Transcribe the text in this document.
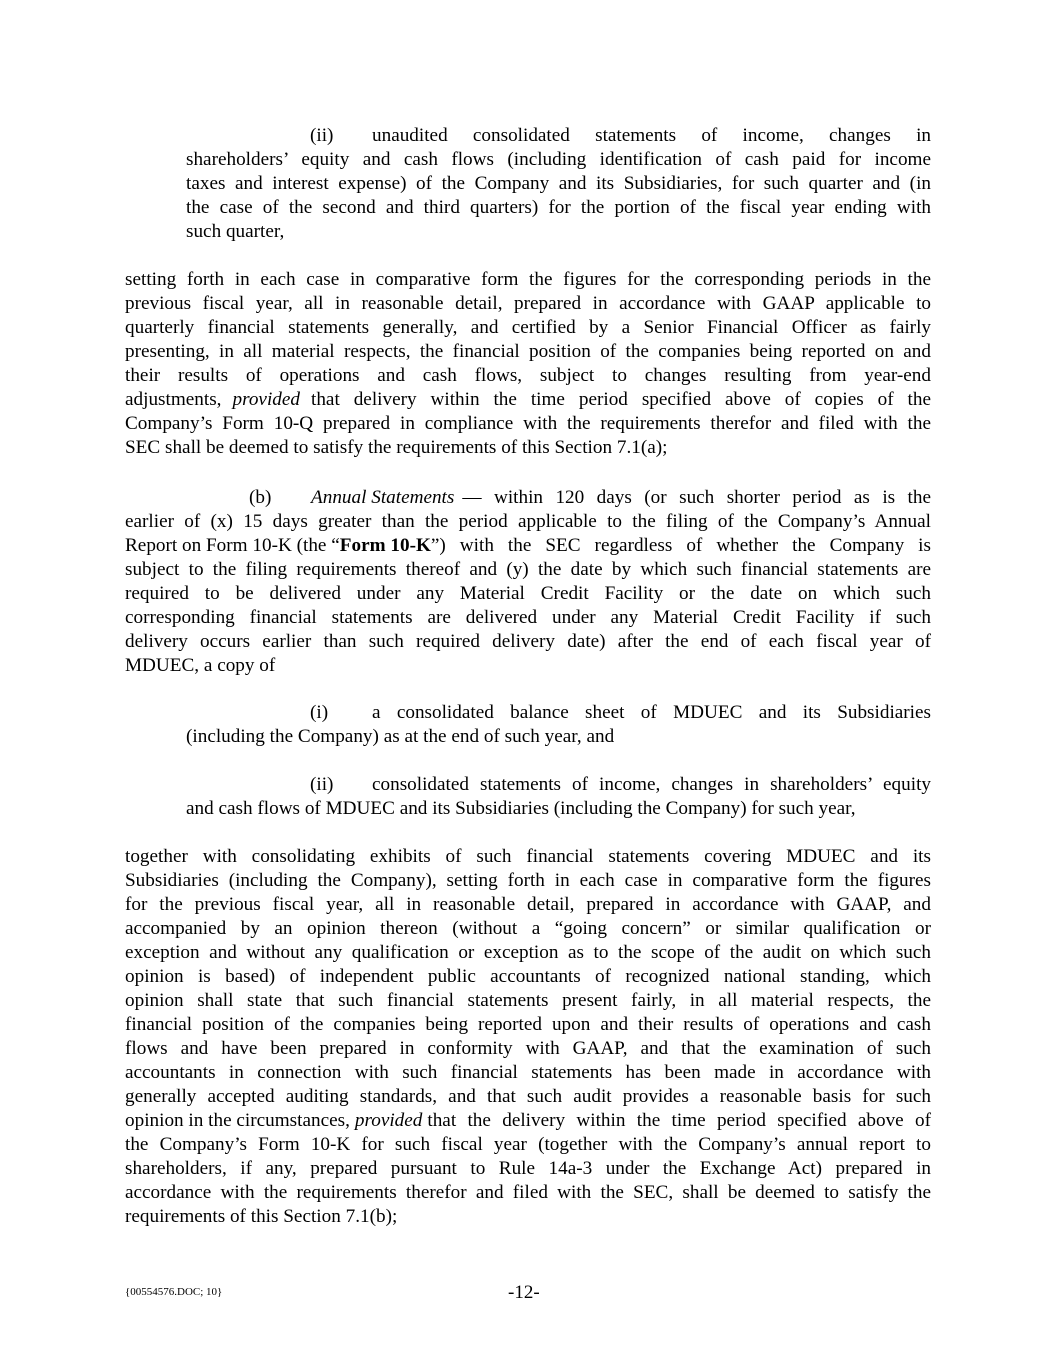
(ii)	unaudited consolidated statements of income, changes in
shareholders’ equity and cash flows (including identification of cash paid for income
taxes and interest expense) of the Company and its Subsidiaries, for such quarter and (in
the case of the second and third quarters) for the portion of the fiscal year ending with
such quarter,
setting forth in each case in comparative form the figures for the corresponding periods in the
previous fiscal year, all in reasonable detail, prepared in accordance with GAAP applicable to
quarterly financial statements generally, and certified by a Senior Financial Officer as fairly
presenting, in all material respects, the financial position of the companies being reported on and
their results of operations and cash flows, subject to changes resulting from year-end
adjustments, provided that delivery within the time period specified above of copies of the
Company’s Form 10-Q prepared in compliance with the requirements therefor and filed with the
SEC shall be deemed to satisfy the requirements of this Section 7.1(a);
(b)	Annual Statements — within 120 days (or such shorter period as is the
earlier of (x) 15 days greater than the period applicable to the filing of the Company’s Annual
Report on Form 10-K (the “ Form 10-K ”) with the SEC regardless of whether the Company is
subject to the filing requirements thereof and (y) the date by which such financial statements are
required to be delivered under any Material Credit Facility or the date on which such
corresponding financial statements are delivered under any Material Credit Facility if such
delivery occurs earlier than such required delivery date) after the end of each fiscal year of
MDUEC, a copy of
(i)	a consolidated balance sheet of MDUEC and its Subsidiaries
(including the Company) as at the end of such year, and
(ii)	consolidated statements of income, changes in shareholders’ equity
and cash flows of MDUEC and its Subsidiaries (including the Company) for such year,
together with consolidating exhibits of such financial statements covering MDUEC and its
Subsidiaries (including the Company), setting forth in each case in comparative form the figures
for the previous fiscal year, all in reasonable detail, prepared in accordance with GAAP, and
accompanied by an opinion thereon (without a “going concern” or similar qualification or
exception and without any qualification or exception as to the scope of the audit on which such
opinion is based) of independent public accountants of recognized national standing, which
opinion shall state that such financial statements present fairly, in all material respects, the
financial position of the companies being reported upon and their results of operations and cash
flows and have been prepared in conformity with GAAP, and that the examination of such
accountants in connection with such financial statements has been made in accordance with
generally accepted auditing standards, and that such audit provides a reasonable basis for such
opinion in the circumstances, provided that the delivery within the time period specified above of
the Company’s Form 10-K for such fiscal year (together with the Company’s annual report to
shareholders, if any, prepared pursuant to Rule 14a-3 under the Exchange Act) prepared in
accordance with the requirements therefor and filed with the SEC, shall be deemed to satisfy the
requirements of this Section 7.1(b);
{00554576.DOC; 10}	-12-
